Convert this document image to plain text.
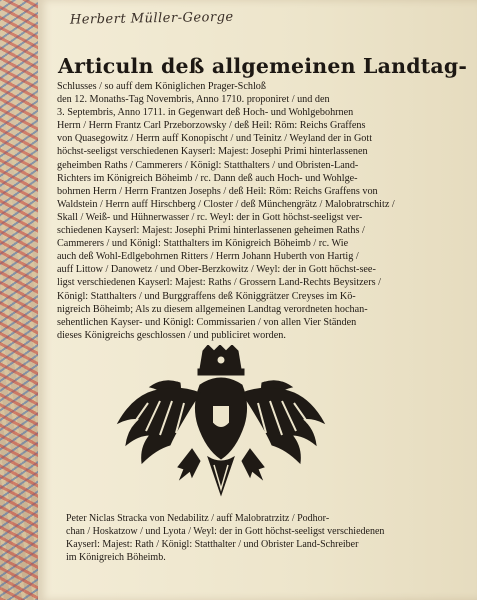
Herbert Müller-George
Articuln deß allgemeinen Landtag-

Schlusses / so auff dem Königlichen Prager-Schloß

den 12. Monaths-Tag Novembris, Anno 1710. proponiret / und den

3. Septembris, Anno 1711. in Gegenwart deß Hoch- und Wohlgebohrnen

Herrn / Herrn Frantz Carl Przeborzowsky / deß Heil: Röm: Reichs Graffens

von Quasegowitz / Herrn auff Konopischt / und Teinitz / Weyland der in Gott

höchst-seeligst verschiedenen Kayserl: Majest: Josephi Primi hinterlassenen

geheimben Raths / Cammerers / Königl: Statthalters / und Obristen-Land-

Richters im Königreich Böheimb / rc. Dann deß auch Hoch- und Wohlge-

bohrnen Herrn / Herrn Frantzen Josephs / deß Heil: Röm: Reichs Graffens von

Waldstein / Herrn auff Hirschberg / Closter / deß Münchengrätz / Malobratrschitz /

Skall / Weiß- und Hühnerwasser / rc. Weyl: der in Gott höchst-seeligst ver-

schiedenen Kayserl: Majest: Josephi Primi hinterlassenen geheimen Raths /

Cammerers / und Königl: Statthalters im Königreich Böheimb / rc. Wie

auch deß Wohl-Edlgebohrnen Ritters / Herrn Johann Huberth von Hartig /

auff Littow / Danowetz / und Ober-Berzkowitz / Weyl: der in Gott höchst-see-

ligst verschiedenen Kayserl: Majest: Raths / Grossern Land-Rechts Beysitzers /

Königl: Statthalters / und Burggraffens deß Königgrätzer Creyses im Kö-

nigreich Böheimb; Als zu diesem allgemeinen Landtag verordneten hochan-

sehentlichen Kayser- und Königl: Commissarien / von allen Vier Ständen

dieses Königreichs geschlossen / und publiciret worden.

Peter Niclas Stracka von Nedabilitz / auff Malobratrzitz / Podhor-
chan / Hoskatzow / und Lyota / Weyl: der in Gott höchst-seeligst verschiedenen
Kayserl: Majest: Rath / Königl: Statthalter / und Obrister Land-Schreiber
im Königreich Böheimb.
